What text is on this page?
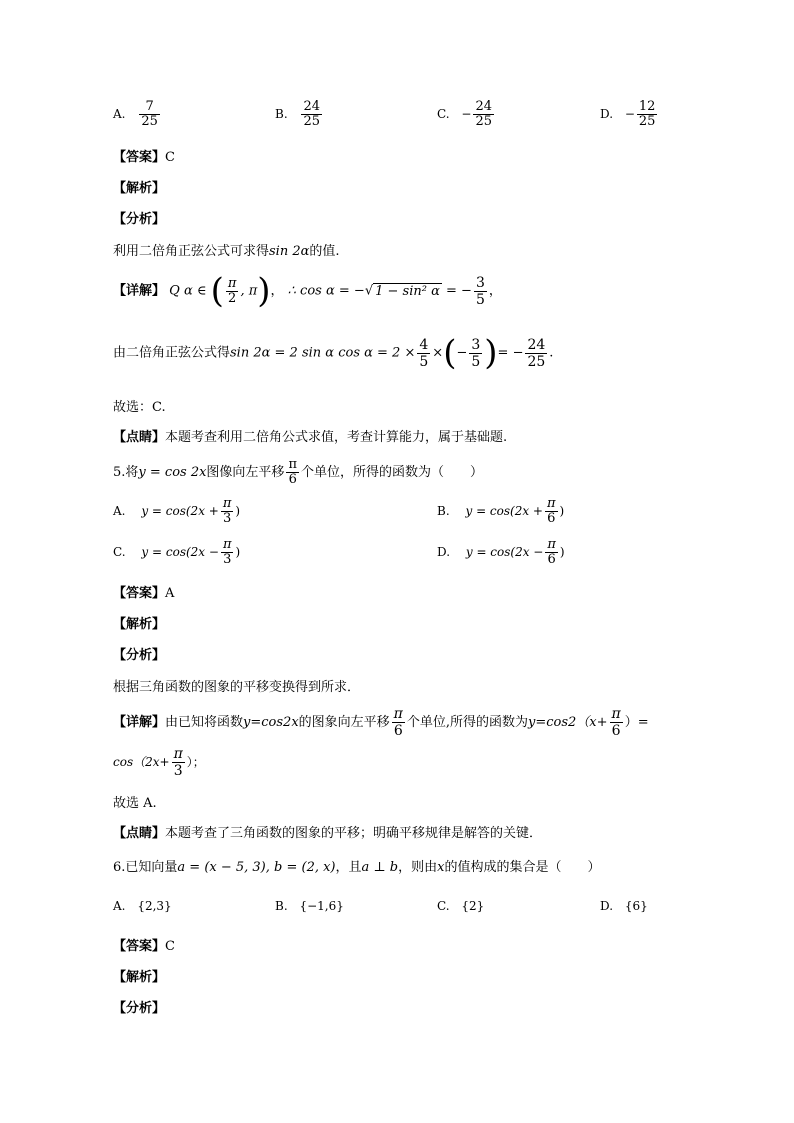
A. $\frac{7}{25}$	B. $\frac{24}{25}$	C. − $\frac{24}{25}$	D. − $\frac{12}{25}$
【答案】C
【解析】
【分析】
利用二倍角正弦公式可求得sin 2α的值.
【详解】 Q α ∈ ( $\frac{\pi}{2}$ , π)， ∴ cos α = −√ 1 − sin² α = − $\frac{3}{5}$ ，
由二倍角正弦公式得sin 2α = 2 sin α $\cos \alpha = 2 \times \frac{4}{5}$ ×(− $\frac{3}{5}$ )= − $\frac{24}{25}$ .
故选：C.
【点睛】本题考查利用二倍角公式求值，考查计算能力，属于基础题.
5.将y = cos 2x图像向左平移 $\frac{\pi}{6}$ 个单位，所得的函数为（　　）
A. $y = \cos(2x + \frac{\pi}{3}$ )	B. $y = \cos(2x + \frac{\pi}{6}$ )
C. $y = \cos(2x - \frac{\pi}{3}$ )	D. $y = \cos(2x - \frac{\pi}{6}$ )
【答案】A
【解析】
【分析】
根据三角函数的图象的平移变换得到所求．
【详解】由已知将函数y=cos2x的图象向左平移 $\frac{\pi}{6}$ 个单位,所得的函数为$y=\cos 2(x+ \frac{\pi}{6}$ ）=
$\cos(2x+ \frac{\pi}{3}$ ）；
故选 A.
【点睛】本题考查了三角函数的图象的平移；明确平移规律是解答的关键．
6.已知向量a = (x − 5, 3), b = (2, x)，且a ⊥ b，则由x的值构成的集合是（　　）
A. {2,3}	B. {−1,6}	C. {2}	D. {6}
【答案】C
【解析】
【分析】
